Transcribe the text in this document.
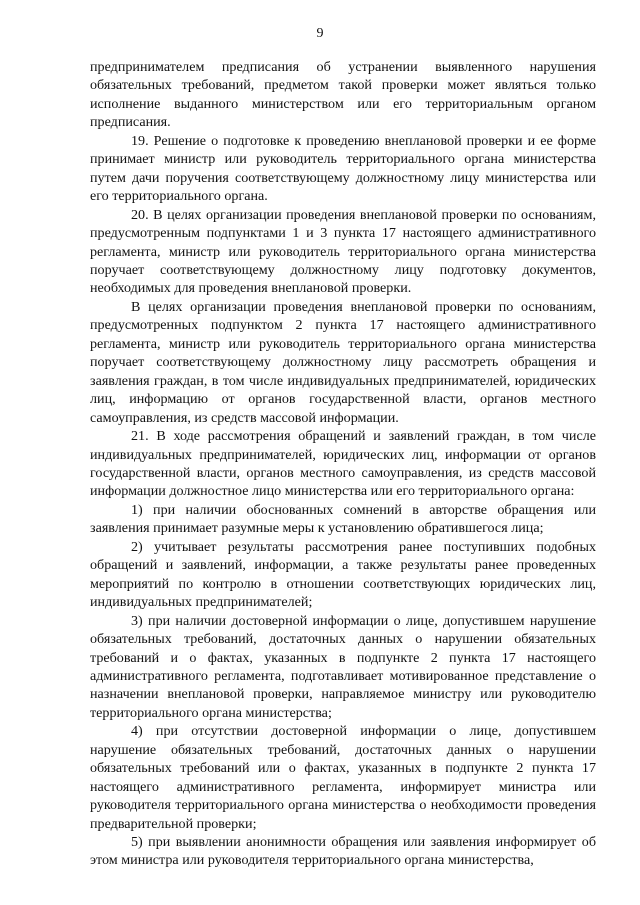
9

предпринимателем предписания об устранении выявленного нарушения обязательных требований, предметом такой проверки может являться только исполнение выданного министерством или его территориальным органом предписания.

19. Решение о подготовке к проведению внеплановой проверки и ее форме принимает министр или руководитель территориального органа министерства путем дачи поручения соответствующему должностному лицу министерства или его территориального органа.

20. В целях организации проведения внеплановой проверки по основаниям, предусмотренным подпунктами 1 и 3 пункта 17 настоящего административного регламента, министр или руководитель территориального органа министерства поручает соответствующему должностному лицу подготовку документов, необходимых для проведения внеплановой проверки.

В целях организации проведения внеплановой проверки по основаниям, предусмотренных подпунктом 2 пункта 17 настоящего административного регламента, министр или руководитель территориального органа министерства поручает соответствующему должностному лицу рассмотреть обращения и заявления граждан, в том числе индивидуальных предпринимателей, юридических лиц, информацию от органов государственной власти, органов местного самоуправления, из средств массовой информации.

21. В ходе рассмотрения обращений и заявлений граждан, в том числе индивидуальных предпринимателей, юридических лиц, информации от органов государственной власти, органов местного самоуправления, из средств массовой информации должностное лицо министерства или его территориального органа:

1) при наличии обоснованных сомнений в авторстве обращения или заявления принимает разумные меры к установлению обратившегося лица;

2) учитывает результаты рассмотрения ранее поступивших подобных обращений и заявлений, информации, а также результаты ранее проведенных мероприятий по контролю в отношении соответствующих юридических лиц, индивидуальных предпринимателей;

3) при наличии достоверной информации о лице, допустившем нарушение обязательных требований, достаточных данных о нарушении обязательных требований и о фактах, указанных в подпункте 2 пункта 17 настоящего административного регламента, подготавливает мотивированное представление о назначении внеплановой проверки, направляемое министру или руководителю территориального органа министерства;

4) при отсутствии достоверной информации о лице, допустившем нарушение обязательных требований, достаточных данных о нарушении обязательных требований или о фактах, указанных в подпункте 2 пункта 17 настоящего административного регламента, информирует министра или руководителя территориального органа министерства о необходимости проведения предварительной проверки;

5) при выявлении анонимности обращения или заявления информирует об этом министра или руководителя территориального органа министерства,
